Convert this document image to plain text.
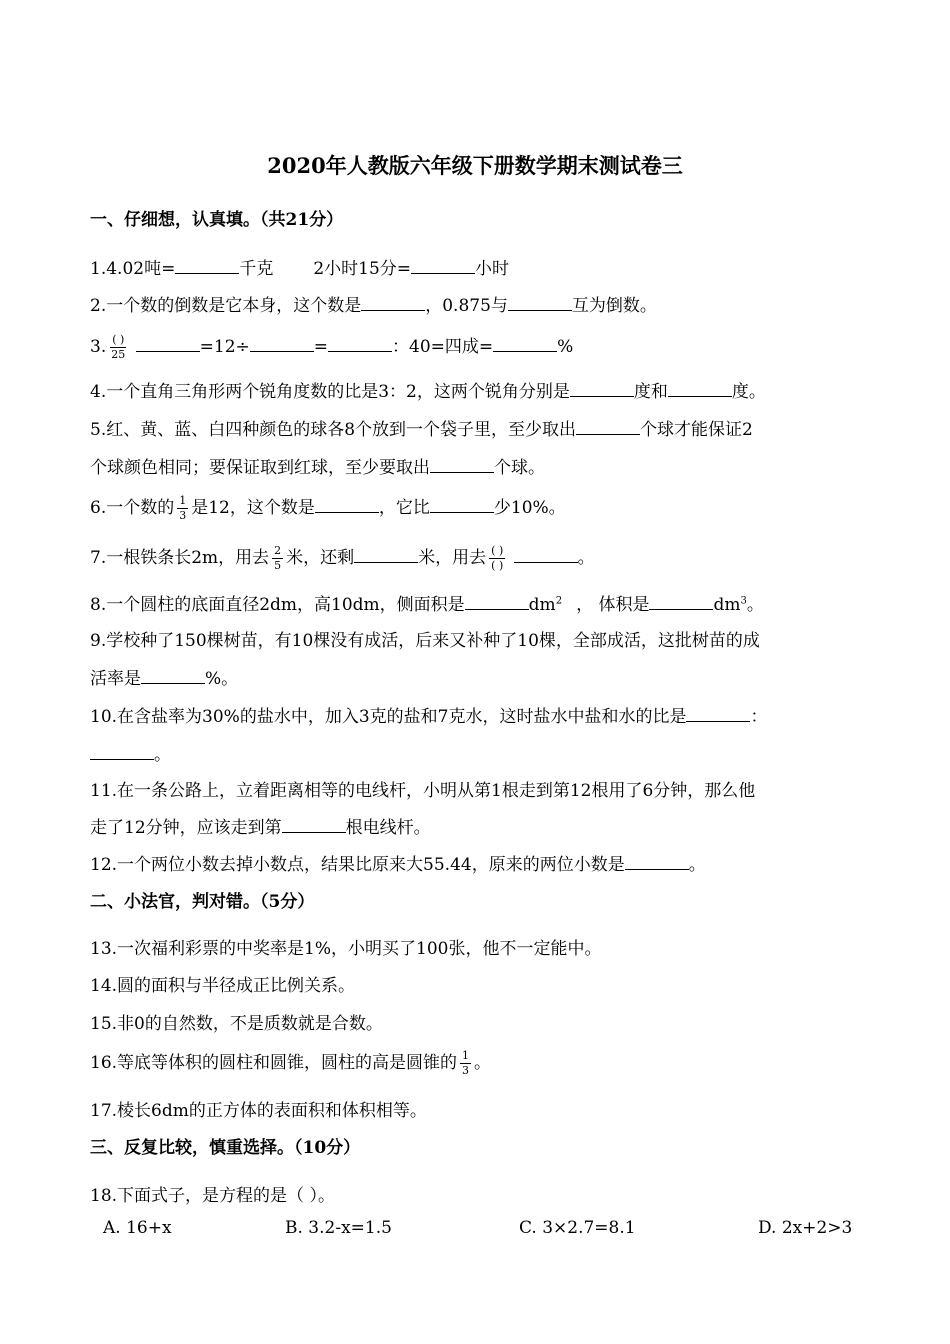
2020年人教版六年级下册数学期末测试卷三
一、仔细想，认真填。（共21分）
1.4.02吨=	千克 2小时15分=	小时
2.一个数的倒数是它本身，这个数是	，0.875与	互为倒数。
3. $\frac{( )}{25}$	=12÷	=	：40=四成=	%
4.一个直角三角形两个锐角度数的比是3：2，这两个锐角分别是	度和	度。
5.红、黄、蓝、白四种颜色的球各8个放到一个袋子里，至少取出	个球才能保证2
个球颜色相同；要保证取到红球，至少要取出	个球。
6.一个数的 $\frac{1}{3}$ 是12，这个数是	，它比	少10%。
7.一根铁条长2m，用去 $\frac{2}{5}$ 米，还剩	米，用去 $\frac{( )}{( )}$	。
8.一个圆柱的底面直径2dm，高10dm，侧面积是	$dm^2$ ， 体积是	$dm^3$。
9.学校种了150棵树苗，有10棵没有成活，后来又补种了10棵，全部成活，这批树苗的成
活率是	%。
10.在含盐率为30%的盐水中，加入3克的盐和7克水，这时盐水中盐和水的比是	：
。
11.在一条公路上，立着距离相等的电线杆，小明从第1根走到第12根用了6分钟，那么他
走了12分钟，应该走到第	根电线杆。
12.一个两位小数去掉小数点，结果比原来大55.44，原来的两位小数是	。
二、小法官，判对错。（5分）
13.一次福利彩票的中奖率是1%，小明买了100张，他不一定能中。
14.圆的面积与半径成正比例关系。
15.非0的自然数，不是质数就是合数。
16.等底等体积的圆柱和圆锥，圆柱的高是圆锥的 $\frac{1}{3}$ 。
17.棱长6dm的正方体的表面积和体积相等。
三、反复比较，慎重选择。（10分）
18.下面式子，是方程的是（ ）。
A. 16+x	B. 3.2-x=1.5	C. 3×2.7=8.1	D. 2x+2>3
